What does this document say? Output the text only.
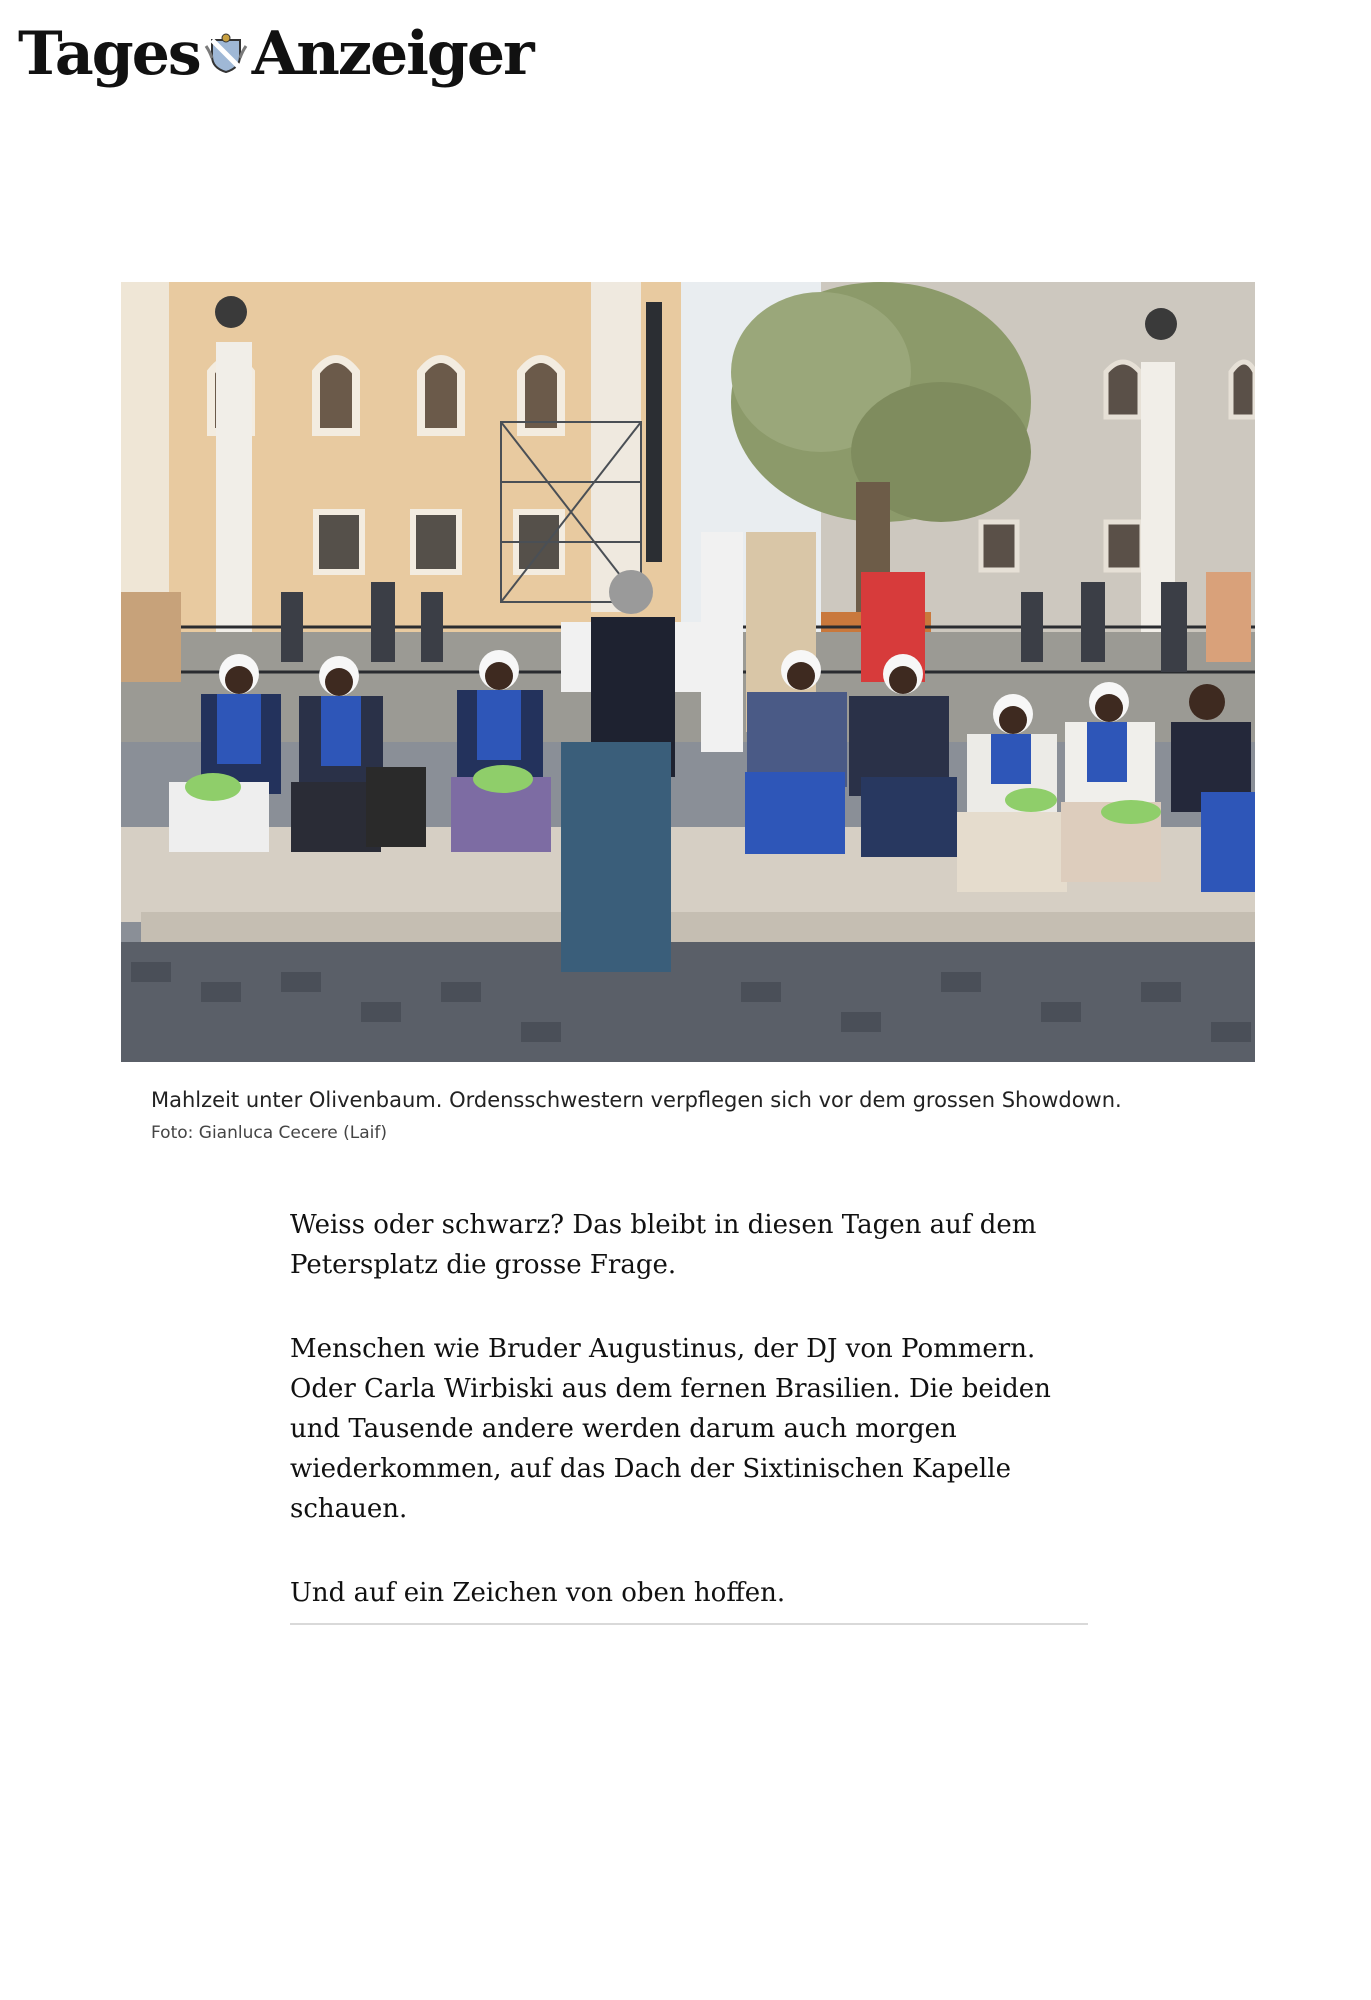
Tages Anzeiger
Mahlzeit unter Olivenbaum. Ordensschwestern verpflegen sich vor dem grossen Showdown.
Foto: Gianluca Cecere (Laif)

Weiss oder schwarz? Das bleibt in diesen Tagen auf dem Petersplatz die grosse Frage.

Menschen wie Bruder Augustinus, der DJ von Pommern. Oder Carla Wirbiski aus dem fernen Brasilien. Die beiden und Tausende andere werden darum auch morgen wiederkommen, auf das Dach der Sixtinischen Kapelle schauen.

Und auf ein Zeichen von oben hoffen.
